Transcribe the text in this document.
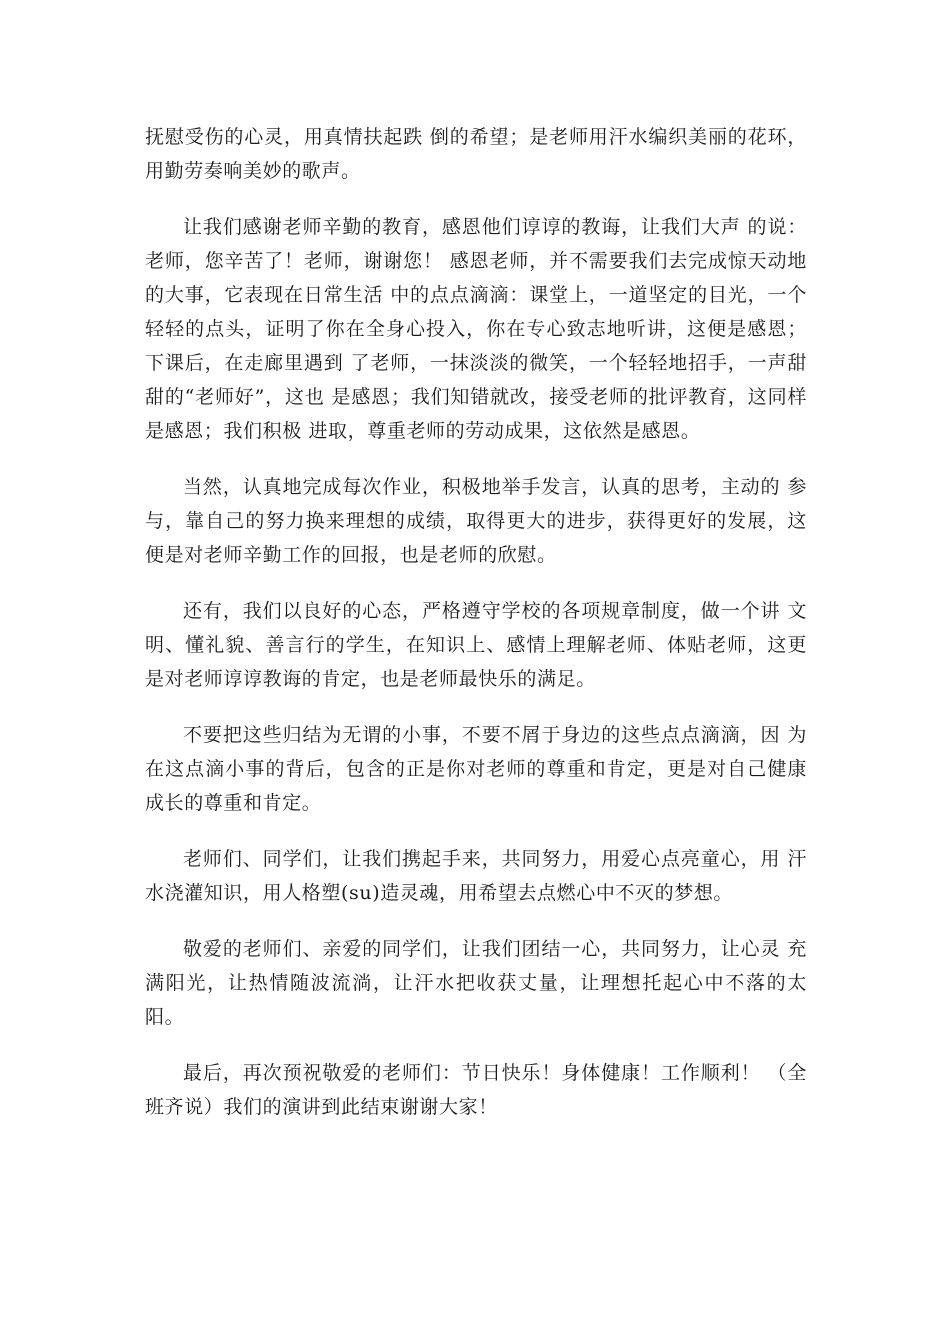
抚慰受伤的心灵，用真情扶起跌 倒的希望；是老师用汗水编织美丽的花环，用勤劳奏响美妙的歌声。

让我们感谢老师辛勤的教育，感恩他们谆谆的教诲，让我们大声 的说：老师，您辛苦了！老师，谢谢您！ 感恩老师，并不需要我们去完成惊天动地的大事，它表现在日常生活 中的点点滴滴：课堂上，一道坚定的目光，一个轻轻的点头，证明了你在全身心投入，你在专心致志地听讲，这便是感恩；下课后，在走廊里遇到 了老师，一抹淡淡的微笑，一个轻轻地招手，一声甜甜的“老师好”，这也 是感恩；我们知错就改，接受老师的批评教育，这同样是感恩；我们积极 进取，尊重老师的劳动成果，这依然是感恩。

当然，认真地完成每次作业，积极地举手发言，认真的思考，主动的 参与，靠自己的努力换来理想的成绩，取得更大的进步，获得更好的发展，这便是对老师辛勤工作的回报，也是老师的欣慰。

还有，我们以良好的心态，严格遵守学校的各项规章制度，做一个讲 文明、懂礼貌、善言行的学生，在知识上、感情上理解老师、体贴老师，这更是对老师谆谆教诲的肯定，也是老师最快乐的满足。

不要把这些归结为无谓的小事，不要不屑于身边的这些点点滴滴，因 为在这点滴小事的背后，包含的正是你对老师的尊重和肯定，更是对自己健康成长的尊重和肯定。

老师们、同学们，让我们携起手来，共同努力，用爱心点亮童心，用 汗水浇灌知识，用人格塑(su)造灵魂，用希望去点燃心中不灭的梦想。

敬爱的老师们、亲爱的同学们，让我们团结一心，共同努力，让心灵 充满阳光，让热情随波流淌，让汗水把收获丈量，让理想托起心中不落的太阳。

最后，再次预祝敬爱的老师们：节日快乐！身体健康！工作顺利！ （全 班齐说）我们的演讲到此结束谢谢大家！
